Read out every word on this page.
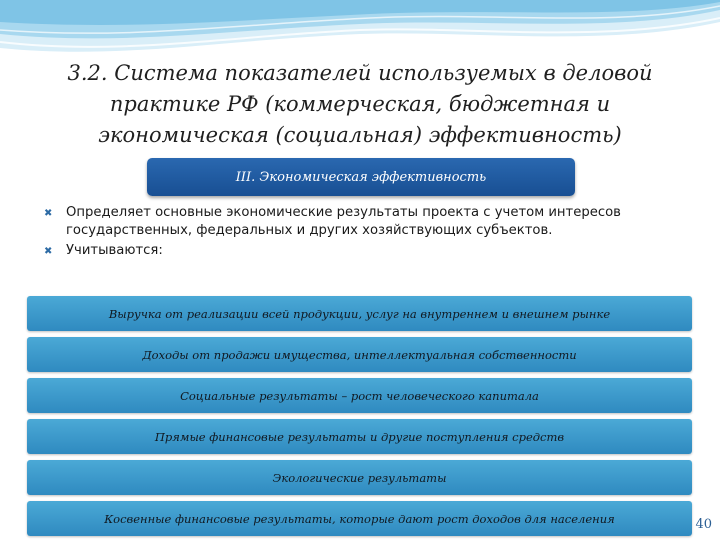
3.2. Система показателей используемых в деловой практике РФ (коммерческая, бюджетная и экономическая (социальная) эффективность)
III. Экономическая эффективность
✖ Определяет основные экономические результаты проекта с учетом интересов государственных, федеральных и других хозяйствующих субъектов.
✖ Учитываются:
Выручка от реализации всей продукции, услуг на внутреннем и внешнем рынке
Доходы от продажи имущества, интеллектуальная собственности
Социальные результаты – рост человеческого капитала
Прямые финансовые результаты и другие поступления средств
Экологические результаты
Косвенные финансовые результаты, которые дают рост доходов для населения	40
